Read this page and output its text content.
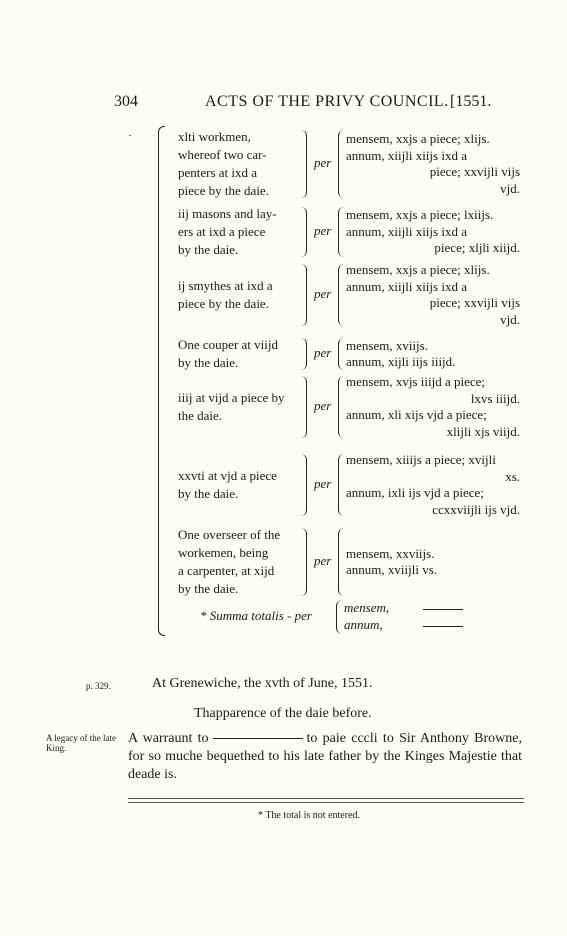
304	ACTS OF THE PRIVY COUNCIL. [1551.
·	xlti workmen,
whereof two car-
penters at ixd a
piece by the daie.
per
mensem, xxjs a piece; xlijs.
annum, xiijli xiijs ixd a
piece; xxvijli vijs
vjd.
iij masons and lay-
ers at ixd a piece
by the daie.
per
mensem, xxjs a piece; lxiijs.
annum, xiijli xiijs ixd a
piece; xljli xiijd.
ij smythes at ixd a
piece by the daie.
per
mensem, xxjs a piece; xlijs.
annum, xiijli xiijs ixd a
piece; xxvijli vijs
vjd.
One couper at viijd
by the daie.
per mensem, xviijs.
annum, xijli iijs iiijd.
iiij at vijd a piece by
the daie.
per
mensem, xvjs iiijd a piece;
lxvs iiijd.
annum, xli xijs vjd a piece;
xlijli xjs viijd.
xxvti at vjd a piece
by the daie.
per
mensem, xiiijs a piece; xvijli
xs.
annum, ixli ijs vjd a piece;
ccxxviijli ijs vjd.
One overseer of the
workemen, being
a carpenter, at xijd
by the daie.
per mensem, xxviijs.
annum, xviijli vs.
* Summa totalis - per
mensem,
annum,
p. 329.	At Grenewiche, the xvth of June, 1551.
Thapparence of the daie before.
A legacy of the late King.
A warraunt to	to paie cccli to Sir Anthony Browne, for so muche bequethed to his late father by the Kinges Majestie that deade is.
* The total is not entered.
